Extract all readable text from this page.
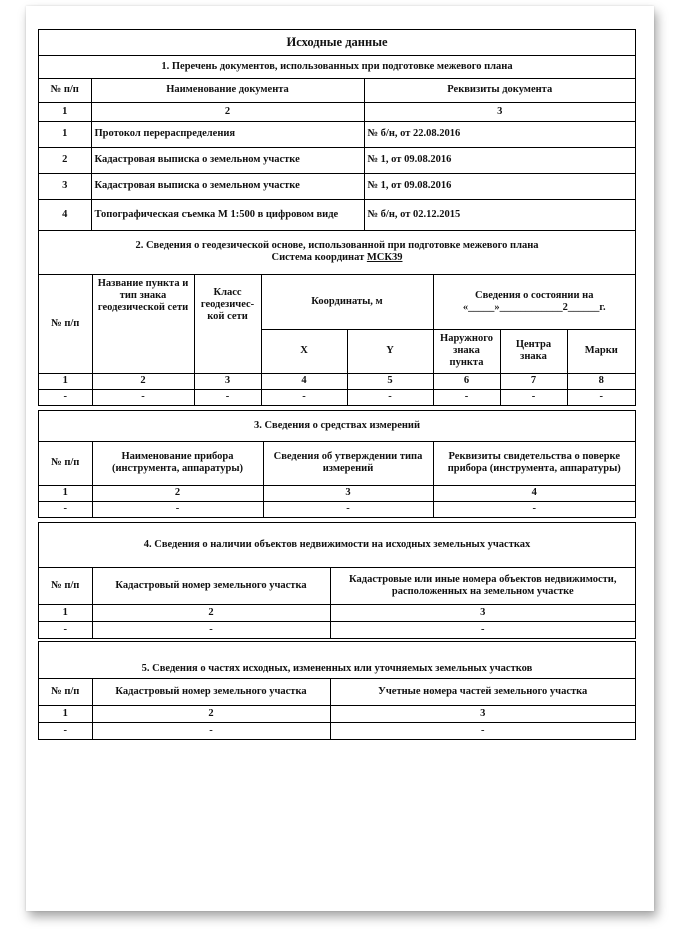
Исходные данные		
1. Перечень документов, использованных при подготовке межевого плана		
№ п/п	Наименование документа	Реквизиты документа
1	2	3
1	Протокол перераспределения	№ б/н, от 22.08.2016
2	Кадастровая выписка о земельном участке	№ 1, от 09.08.2016
3	Кадастровая выписка о земельном участке	№ 1, от 09.08.2016
4	Топографическая съемка М 1:500 в цифровом виде	№ б/н, от 02.12.2015
2. Сведения о геодезической основе, использованной при подготовке межевого плана
Система координат МСК39							

№ п/п	Название пункта и тип знака геодезической сети	Класс геодезичес-кой сети	Координаты, м		Сведения о состоянии на «_____»____________2______г.		
			X	Y	Наружного знака пункта	Центра знака	Марки
1	2	3	4	5	6	7	8
-	-	-	-	-	-	-	-
3. Сведения о средствах измерений			
№ п/п	Наименование прибора (инструмента, аппаратуры)	Сведения об утверждении типа измерений	Реквизиты свидетельства о поверке прибора (инструмента, аппаратуры)
1	2	3	4
-	-	-	-
4. Сведения о наличии объектов недвижимости на исходных земельных участках		
№ п/п	Кадастровый номер земельного участка	Кадастровые или иные номера объектов недвижимости, расположенных на земельном участке
1	2	3
-	-	-
5. Сведения о частях исходных, измененных или уточняемых земельных участков		
№ п/п	Кадастровый номер земельного участка	Учетные номера частей земельного участка
1	2	3
-	-	-
